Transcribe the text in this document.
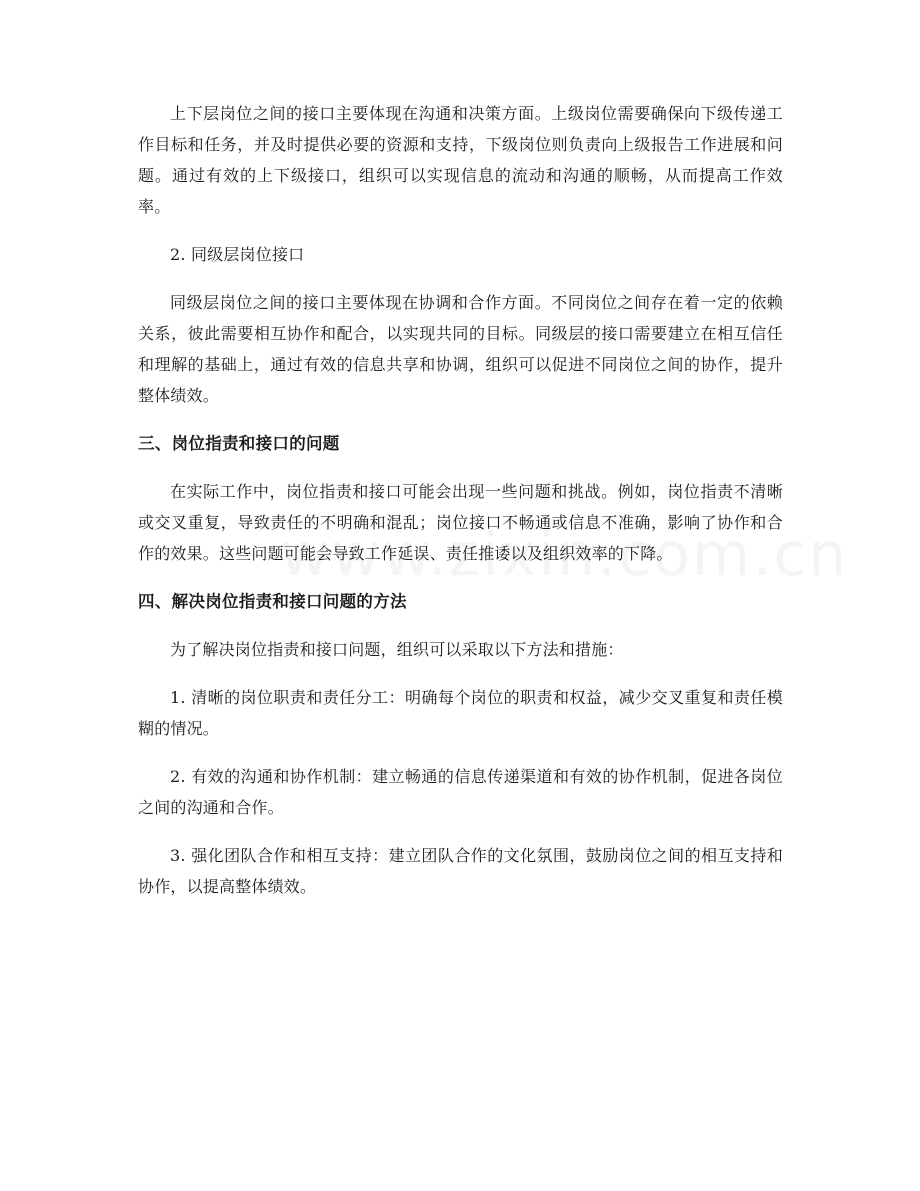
上下层岗位之间的接口主要体现在沟通和决策方面。上级岗位需要确保向下级传递工作目标和任务，并及时提供必要的资源和支持，下级岗位则负责向上级报告工作进展和问题。通过有效的上下级接口，组织可以实现信息的流动和沟通的顺畅，从而提高工作效率。

2. 同级层岗位接口

同级层岗位之间的接口主要体现在协调和合作方面。不同岗位之间存在着一定的依赖关系，彼此需要相互协作和配合，以实现共同的目标。同级层的接口需要建立在相互信任和理解的基础上，通过有效的信息共享和协调，组织可以促进不同岗位之间的协作，提升整体绩效。

三、岗位指责和接口的问题

在实际工作中，岗位指责和接口可能会出现一些问题和挑战。例如，岗位指责不清晰或交叉重复，导致责任的不明确和混乱；岗位接口不畅通或信息不准确，影响了协作和合作的效果。这些问题可能会导致工作延误、责任推诿以及组织效率的下降。

四、解决岗位指责和接口问题的方法

为了解决岗位指责和接口问题，组织可以采取以下方法和措施：

1. 清晰的岗位职责和责任分工：明确每个岗位的职责和权益，减少交叉重复和责任模糊的情况。

2. 有效的沟通和协作机制：建立畅通的信息传递渠道和有效的协作机制，促进各岗位之间的沟通和合作。

3. 强化团队合作和相互支持：建立团队合作的文化氛围，鼓励岗位之间的相互支持和协作，以提高整体绩效。
